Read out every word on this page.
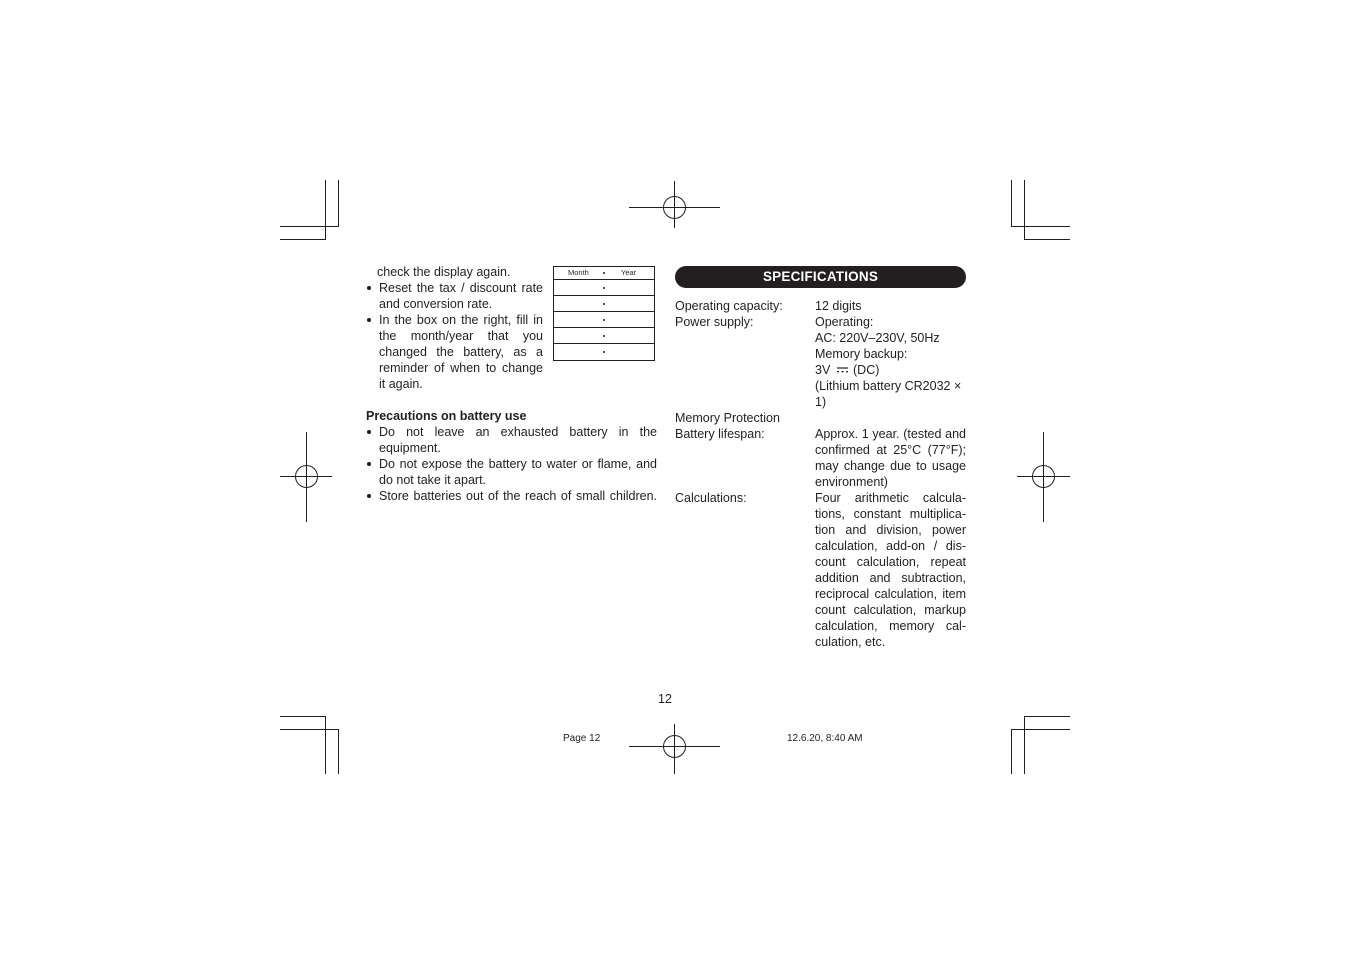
check the display again.
Reset the tax / discount rate
and conversion rate.
In the box on the right, fill in
the month/year that you
changed the battery, as a
reminder of when to change
it again.
Month	Year
Precautions on battery use
Do not leave an exhausted battery in the
equipment.
Do not expose the battery to water or flame, and
do not take it apart.
Store batteries out of the reach of small children.
SPECIFICATIONS
Operating capacity:	12 digits
Power supply:	Operating:
AC: 220V–230V, 50Hz
Memory backup:
3V (DC)
(Lithium battery CR2032 ×
1)
Memory Protection
Battery lifespan:	Approx. 1 year. (tested and
confirmed at 25°C (77°F);
may change due to usage
environment)
Calculations:	Four arithmetic calcula-
tions, constant multiplica-
tion and division, power
calculation, add-on / dis-
count calculation, repeat
addition and subtraction,
reciprocal calculation, item
count calculation, markup
calculation, memory cal-
culation, etc.
12
Page 12	12.6.20, 8:40 AM
